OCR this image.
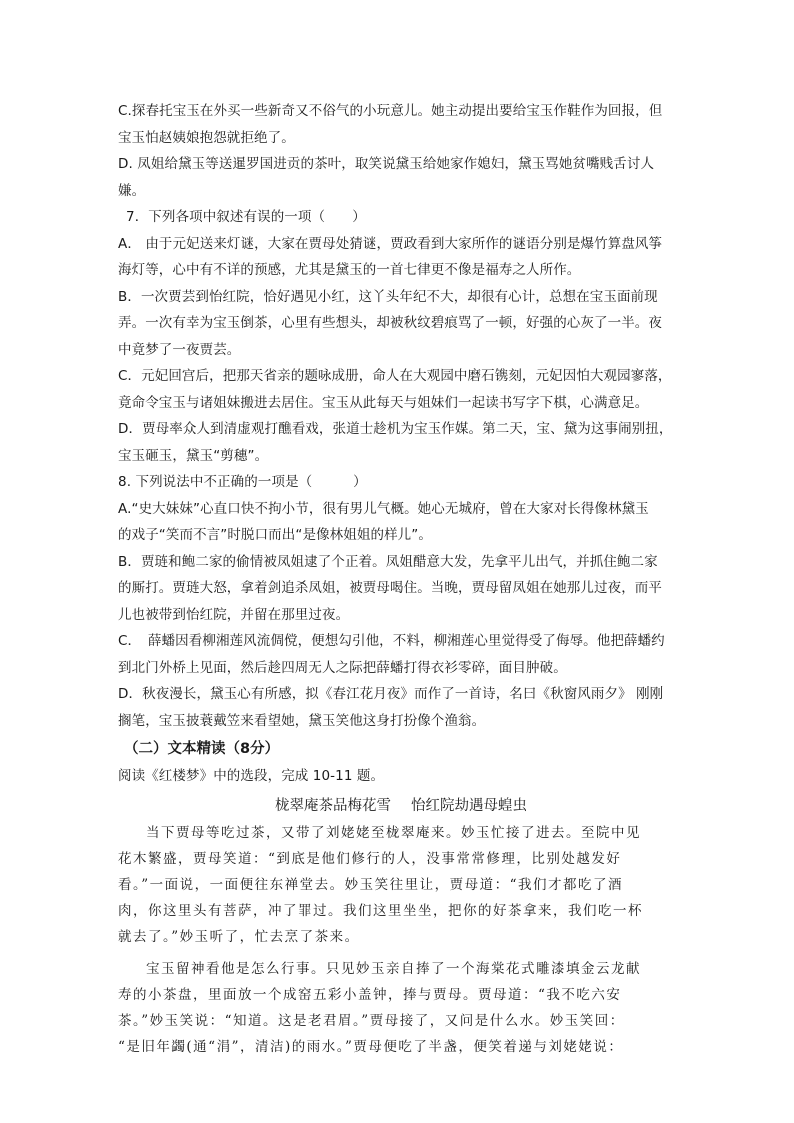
C.探春托宝玉在外买一些新奇又不俗气的小玩意儿。她主动提出要给宝玉作鞋作为回报，但
宝玉怕赵姨娘抱怨就拒绝了。
D. 凤姐给黛玉等送暹罗国进贡的茶叶，取笑说黛玉给她家作媳妇，黛玉骂她贫嘴贱舌讨人
嫌。
7．下列各项中叙述有误的一项（　　）
A． 由于元妃送来灯谜，大家在贾母处猜谜，贾政看到大家所作的谜语分别是爆竹算盘风筝
海灯等，心中有不详的预感，尤其是黛玉的一首七律更不像是福寿之人所作。
B．一次贾芸到怡红院，恰好遇见小红，这丫头年纪不大，却很有心计，总想在宝玉面前现
弄。一次有幸为宝玉倒茶，心里有些想头，却被秋纹碧痕骂了一顿，好强的心灰了一半。夜
中竟梦了一夜贾芸。
C．元妃回宫后，把那天省亲的题咏成册，命人在大观园中磨石镌刻，元妃因怕大观园寥落，
竟命令宝玉与诸姐妹搬进去居住。宝玉从此每天与姐妹们一起读书写字下棋，心满意足。
D．贾母率众人到清虚观打醮看戏，张道士趁机为宝玉作媒。第二天，宝、黛为这事闹别扭，
宝玉砸玉，黛玉“剪穗”。
8. 下列说法中不正确的一项是（　　　）
A.“史大妹妹”心直口快不拘小节，很有男儿气概。她心无城府，曾在大家对长得像林黛玉
的戏子“笑而不言”时脱口而出“是像林姐姐的样儿”。
B．贾琏和鲍二家的偷情被凤姐逮了个正着。凤姐醋意大发，先拿平儿出气，并抓住鲍二家
的厮打。贾琏大怒，拿着剑追杀凤姐，被贾母喝住。当晚，贾母留凤姐在她那儿过夜，而平
儿也被带到怡红院，并留在那里过夜。
C．　薛蟠因看柳湘莲风流倜傥，便想勾引他，不料，柳湘莲心里觉得受了侮辱。他把薛蟠约
到北门外桥上见面，然后趁四周无人之际把薛蟠打得衣衫零碎，面目肿破。
D．秋夜漫长，黛玉心有所感，拟《春江花月夜》而作了一首诗，名曰《秋窗风雨夕》 刚刚
搁笔，宝玉披蓑戴笠来看望她，黛玉笑他这身打扮像个渔翁。
（二）文本精读（8分）
阅读《红楼梦》中的选段，完成 10-11 题。
栊翠庵茶品梅花雪 怡红院劫遇母蝗虫
当下贾母等吃过茶，又带了刘姥姥至栊翠庵来。妙玉忙接了进去。至院中见
花木繁盛，贾母笑道：“到底是他们修行的人，没事常常修理，比别处越发好
看。”一面说，一面便往东禅堂去。妙玉笑往里让，贾母道：“我们才都吃了酒
肉，你这里头有菩萨，冲了罪过。我们这里坐坐，把你的好茶拿来，我们吃一杯
就去了。”妙玉听了，忙去烹了茶来。
宝玉留神看他是怎么行事。只见妙玉亲自捧了一个海棠花式雕漆填金云龙献
寿的小茶盘，里面放一个成窑五彩小盖钟，捧与贾母。贾母道：“我不吃六安
茶。”妙玉笑说：“知道。这是老君眉。”贾母接了，又问是什么水。妙玉笑回：
“是旧年蠲(通“涓”，清洁)的雨水。”贾母便吃了半盏，便笑着递与刘姥姥说：
